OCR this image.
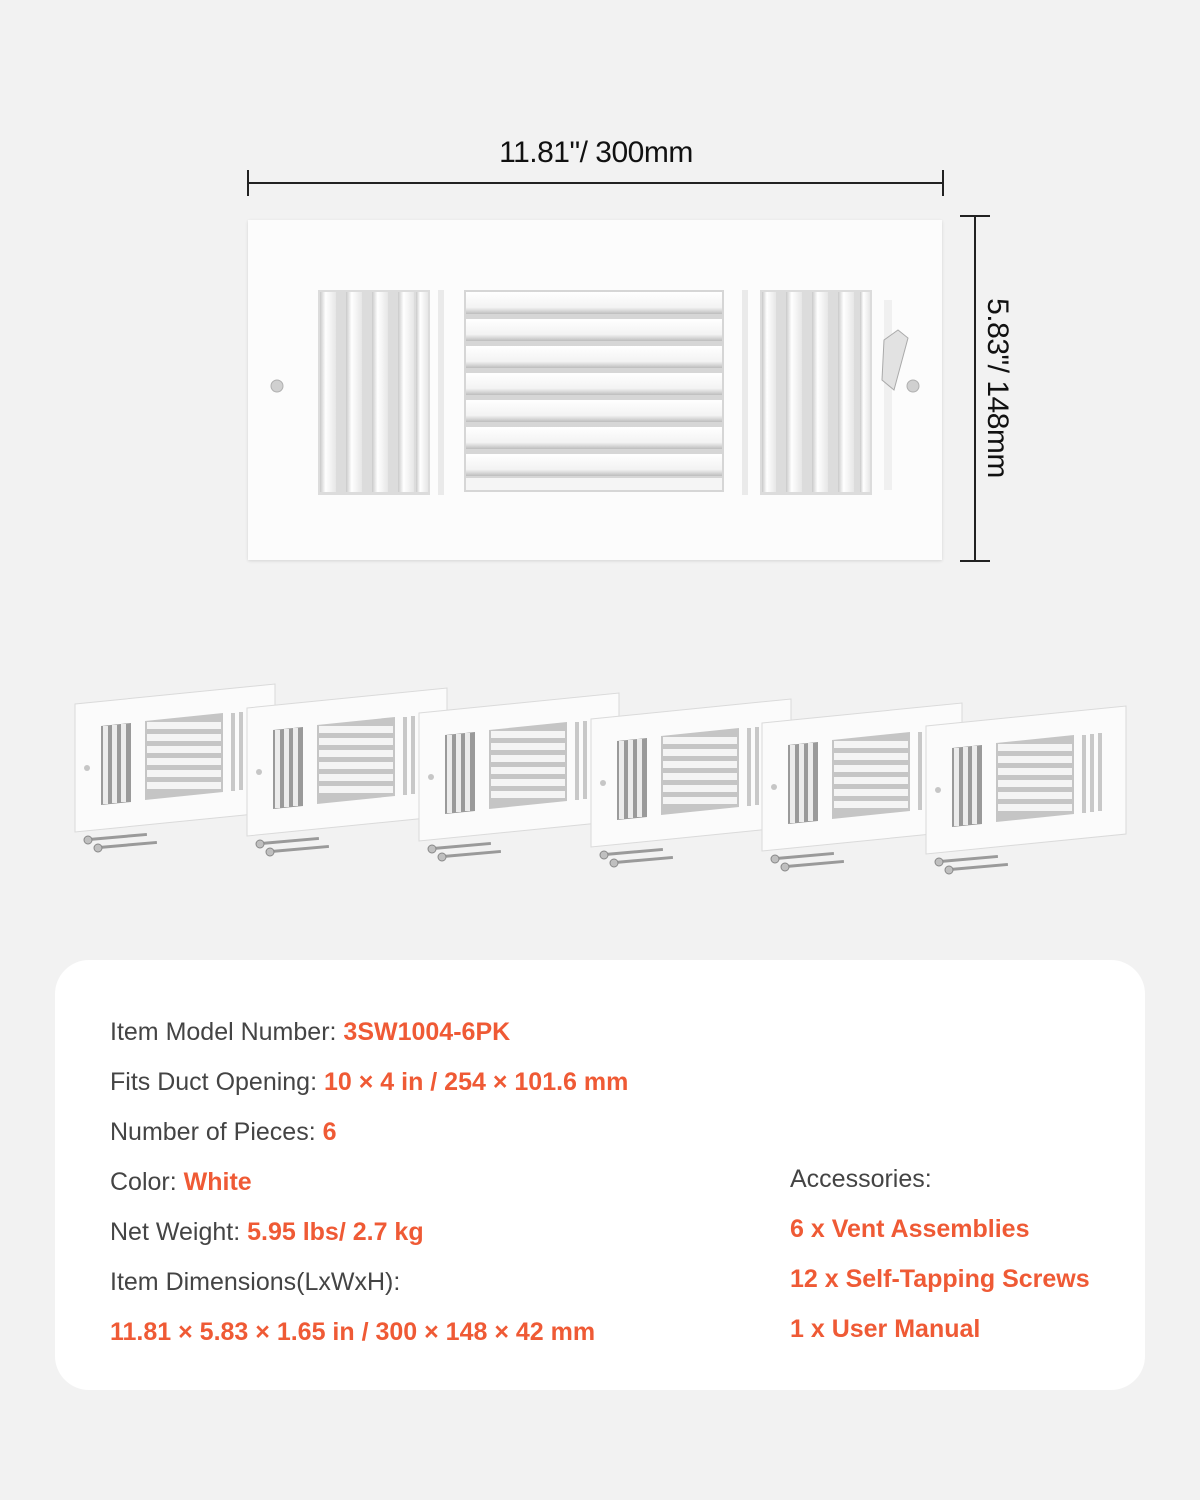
11.81"/ 300mm
5.83"/ 148mm
Item Model Number: 3SW1004-6PK
Fits Duct Opening: 10 × 4 in / 254 × 101.6 mm
Number of Pieces: 6
Color: White
Net Weight: 5.95 lbs/ 2.7 kg
Item Dimensions(LxWxH):
11.81 × 5.83 × 1.65 in / 300 × 148 × 42 mm
Accessories:
6 x Vent Assemblies
12 x Self-Tapping Screws
1 x User Manual
